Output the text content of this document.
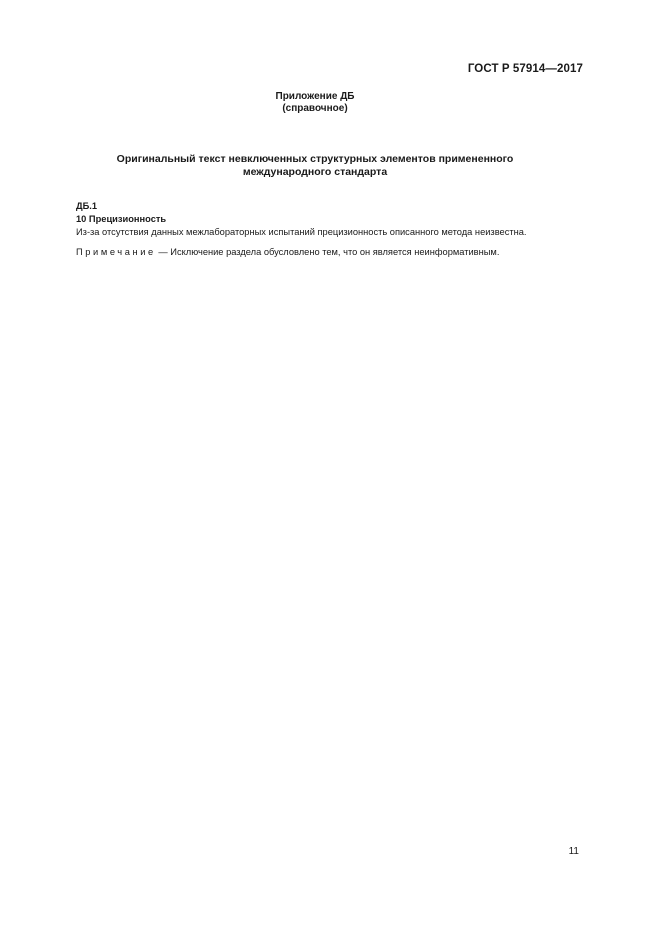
ГОСТ Р 57914—2017
Приложение ДБ
(справочное)
Оригинальный текст невключенных структурных элементов примененного
международного стандарта
ДБ.1
10 Прецизионность
Из-за отсутствия данных межлабораторных испытаний прецизионность описанного метода неизвестна.
Примечание — Исключение раздела обусловлено тем, что он является неинформативным.
11
